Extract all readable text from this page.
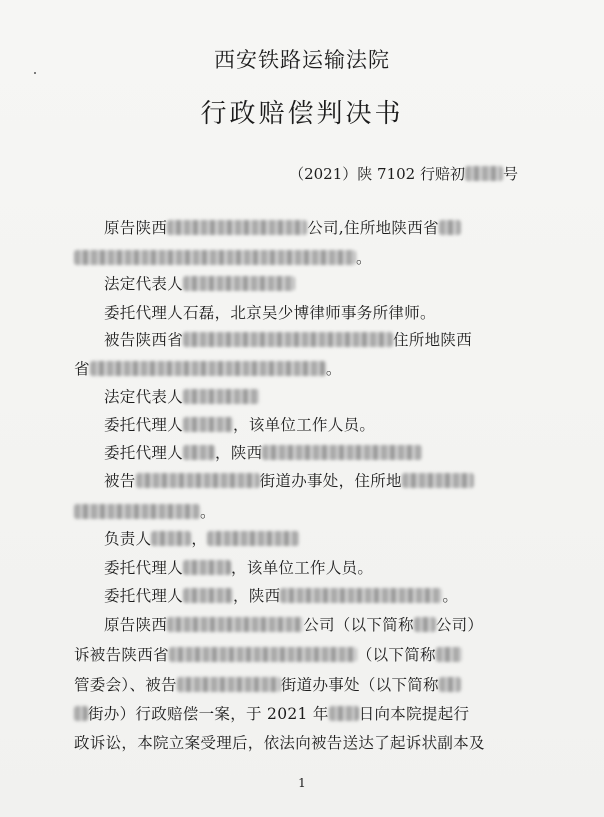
西安铁路运输法院
行政赔偿判决书
（2021）陕 7102 行赔初	号
原告陕西	公司,住所地陕西省
。
法定代表人
委托代理人石磊，北京吴少博律师事务所律师。
被告陕西省	住所地陕西
省	。
法定代表人
委托代理人	，该单位工作人员。
委托代理人 ，陕西
被告	街道办事处，住所地
。
负责人	，
委托代理人	，该单位工作人员。
委托代理人	，陕西	。
原告陕西	公司（以下简称 公司）
诉被告陕西省	（以下简称
管委会）、被告	街道办事处（以下简称
街办）行政赔偿一案，于 2021 年 日向本院提起行
政诉讼，本院立案受理后，依法向被告送达了起诉状副本及
1
